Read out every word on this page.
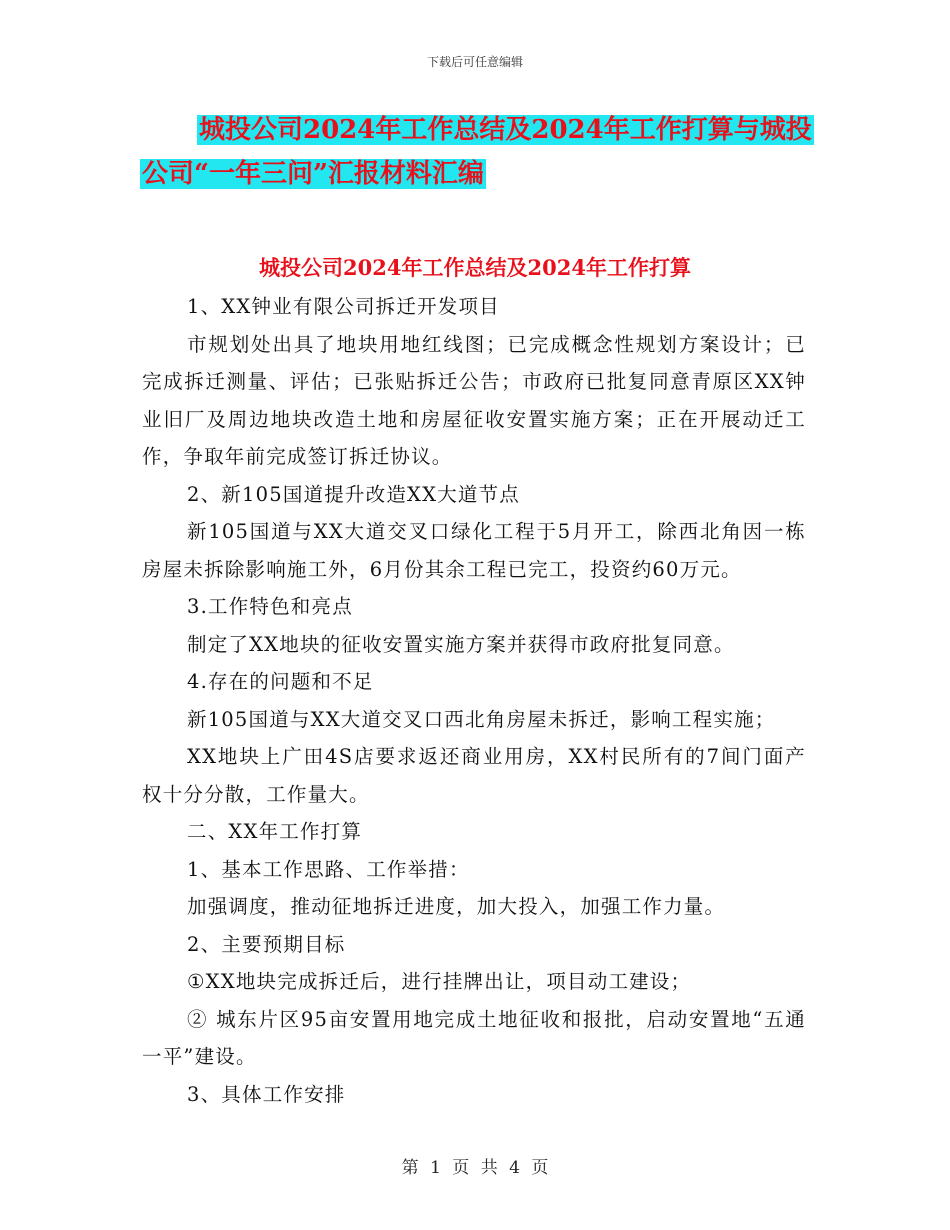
下载后可任意编辑
城投公司2024年工作总结及2024年工作打算与城投
公司“一年三问”汇报材料汇编
城投公司2024年工作总结及2024年工作打算

1、XX钟业有限公司拆迁开发项目

市规划处出具了地块用地红线图；已完成概念性规划方案设计；已完成拆迁测量、评估；已张贴拆迁公告；市政府已批复同意青原区XX钟业旧厂及周边地块改造土地和房屋征收安置实施方案；正在开展动迁工作，争取年前完成签订拆迁协议。

2、新105国道提升改造XX大道节点

新105国道与XX大道交叉口绿化工程于5月开工，除西北角因一栋房屋未拆除影响施工外，6月份其余工程已完工，投资约60万元。

3.工作特色和亮点

制定了XX地块的征收安置实施方案并获得市政府批复同意。

4.存在的问题和不足

新105国道与XX大道交叉口西北角房屋未拆迁，影响工程实施；

XX地块上广田4S店要求返还商业用房，XX村民所有的7间门面产权十分分散，工作量大。

二、XX年工作打算

1、基本工作思路、工作举措：

加强调度，推动征地拆迁进度，加大投入，加强工作力量。

2、主要预期目标

①XX地块完成拆迁后，进行挂牌出让，项目动工建设；

② 城东片区95亩安置用地完成土地征收和报批，启动安置地“五通一平”建设。

3、具体工作安排

第 1 页 共 4 页
